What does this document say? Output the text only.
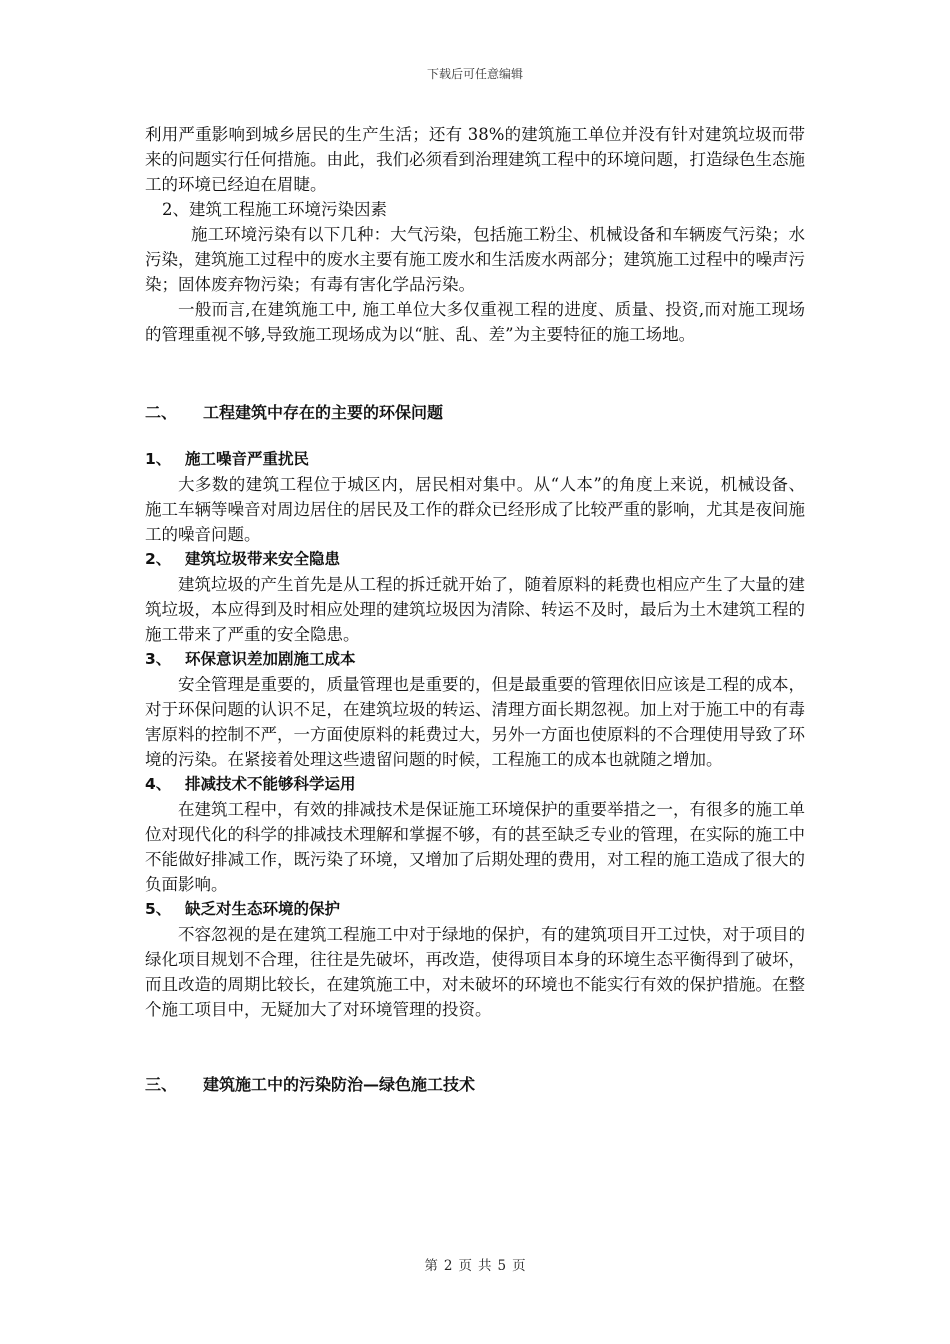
下载后可任意编辑

利用严重影响到城乡居民的生产生活；还有 38%的建筑施工单位并没有针对建筑垃圾而带来的问题实行任何措施。由此，我们必须看到治理建筑工程中的环境问题，打造绿色生态施工的环境已经迫在眉睫。

2、建筑工程施工环境污染因素

施工环境污染有以下几种：大气污染，包括施工粉尘、机械设备和车辆废气污染；水污染，建筑施工过程中的废水主要有施工废水和生活废水两部分；建筑施工过程中的噪声污染；固体废弃物污染；有毒有害化学品污染。

一般而言,在建筑施工中, 施工单位大多仅重视工程的进度、质量、投资,而对施工现场的管理重视不够,导致施工现场成为以“脏、乱、差”为主要特征的施工场地。

二、 工程建筑中存在的主要的环保问题

1、 施工噪音严重扰民

大多数的建筑工程位于城区内，居民相对集中。从“人本”的角度上来说，机械设备、施工车辆等噪音对周边居住的居民及工作的群众已经形成了比较严重的影响，尤其是夜间施工的噪音问题。

2、 建筑垃圾带来安全隐患

建筑垃圾的产生首先是从工程的拆迁就开始了，随着原料的耗费也相应产生了大量的建筑垃圾，本应得到及时相应处理的建筑垃圾因为清除、转运不及时，最后为土木建筑工程的施工带来了严重的安全隐患。

3、 环保意识差加剧施工成本

安全管理是重要的，质量管理也是重要的，但是最重要的管理依旧应该是工程的成本，对于环保问题的认识不足，在建筑垃圾的转运、清理方面长期忽视。加上对于施工中的有毒害原料的控制不严，一方面使原料的耗费过大，另外一方面也使原料的不合理使用导致了环境的污染。在紧接着处理这些遗留问题的时候，工程施工的成本也就随之增加。

4、 排减技术不能够科学运用

在建筑工程中，有效的排减技术是保证施工环境保护的重要举措之一，有很多的施工单位对现代化的科学的排减技术理解和掌握不够，有的甚至缺乏专业的管理，在实际的施工中不能做好排减工作，既污染了环境，又增加了后期处理的费用，对工程的施工造成了很大的负面影响。

5、 缺乏对生态环境的保护

不容忽视的是在建筑工程施工中对于绿地的保护，有的建筑项目开工过快，对于项目的绿化项目规划不合理，往往是先破坏，再改造，使得项目本身的环境生态平衡得到了破坏，而且改造的周期比较长，在建筑施工中，对未破坏的环境也不能实行有效的保护措施。在整个施工项目中，无疑加大了对环境管理的投资。

三、 建筑施工中的污染防治—绿色施工技术

第 2 页 共 5 页
